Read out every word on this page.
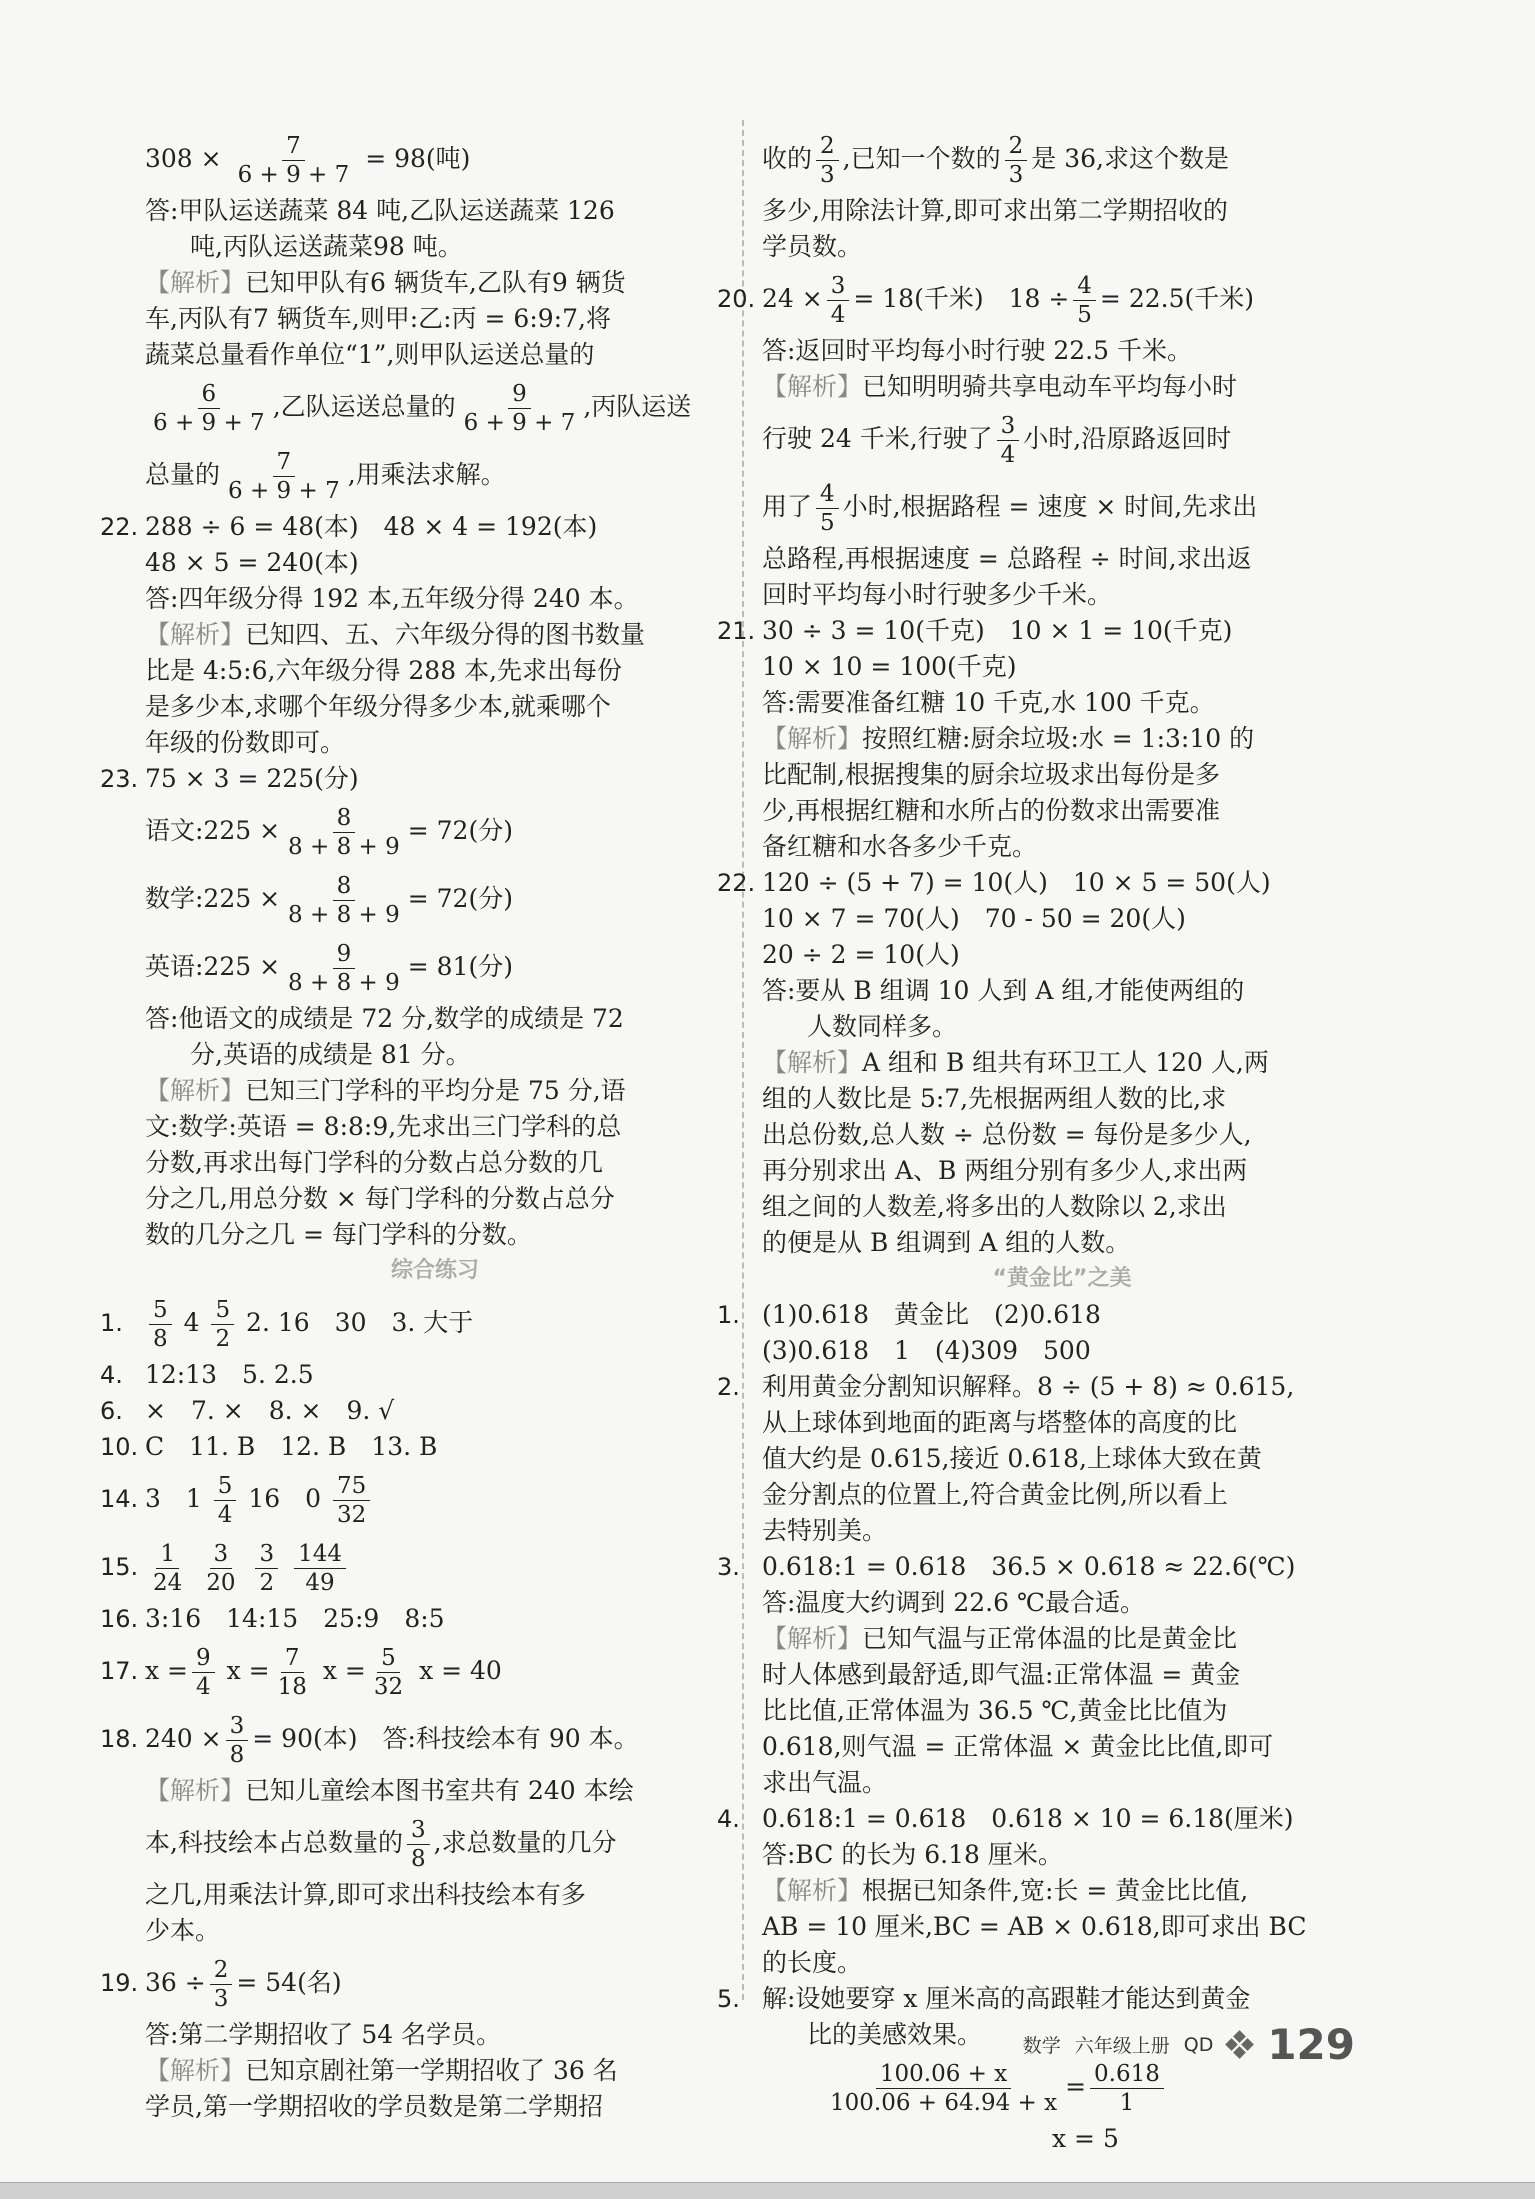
$308 \times \frac{7}{6 + 9 + 7} = 98$(吨)
答:甲队运送蔬菜 84 吨,乙队运送蔬菜 126
吨,丙队运送蔬菜98 吨。
【解析】已知甲队有6 辆货车,乙队有9 辆货
车,丙队有7 辆货车,则甲:乙:丙 = 6:9:7,将
蔬菜总量看作单位“1”,则甲队运送总量的
$\frac{6}{6 + 9 + 7}$ ,乙队运送总量的 $\frac{9}{6 + 9 + 7}$ ,丙队运送
总量的 $\frac{7}{6 + 9 + 7}$ ,用乘法求解。
22. 288 ÷ 6 = 48(本)　48 × 4 = 192(本)
48 × 5 = 240(本)
答:四年级分得 192 本,五年级分得 240 本。
【解析】已知四、五、六年级分得的图书数量
比是 4:5:6,六年级分得 288 本,先求出每份
是多少本,求哪个年级分得多少本,就乘哪个
年级的份数即可。
23. 75 × 3 = 225(分)
语文:225 × $\frac{8}{8 + 8 + 9} = 72$(分)
数学:225 × $\frac{8}{8 + 8 + 9} = 72$(分)
英语:225 × $\frac{9}{8 + 8 + 9} = 81$(分)
答:他语文的成绩是 72 分,数学的成绩是 72
分,英语的成绩是 81 分。
【解析】已知三门学科的平均分是 75 分,语
文:数学:英语 = 8:8:9,先求出三门学科的总
分数,再求出每门学科的分数占总分数的几
分之几,用总分数 × 每门学科的分数占总分
数的几分之几 = 每门学科的分数。
综合练习
1. $\frac{5}{8} 4 \frac{5}{2} 2$. 16　30　3. 大于
4. 12:13　5. 2.5
6. ×　7. ×　8. ×　9. √
10. C　11. B　12. B　13. B
14. 3　$1 \frac{5}{4} 16$　$0 \frac{75}{32}$
15. $\frac{1}{24}$
$\frac{3}{20}$
$\frac{3}{2}$
$\frac{144}{49}$
16. 3:16　14:15　25:9　8:5
17. $x = \frac{9}{4}$ $x = \frac{7}{18}$ $x = \frac{5}{32}$ x = 40
18. $240 \times \frac{3}{8} = 90$(本)　答:科技绘本有 90 本。
【解析】已知儿童绘本图书室共有 240 本绘
本,科技绘本占总数量的 $\frac{3}{8}$ ,求总数量的几分
之几,用乘法计算,即可求出科技绘本有多
少本。
19. $36 \div \frac{2}{3} = 54$(名)
答:第二学期招收了 54 名学员。
【解析】已知京剧社第一学期招收了 36 名
学员,第一学期招收的学员数是第二学期招
收的 $\frac{2}{3}$ ,已知一个数的 $\frac{2}{3}$ 是 36,求这个数是
多少,用除法计算,即可求出第二学期招收的
学员数。
20. $24 \times \frac{3}{4} = 18$(千米)　$18 \div \frac{4}{5} = 22.5$(千米)
答:返回时平均每小时行驶 22.5 千米。
【解析】已知明明骑共享电动车平均每小时
行驶 24 千米,行驶了 $\frac{3}{4}$ 小时,沿原路返回时
用了 $\frac{4}{5}$ 小时,根据路程 = 速度 × 时间,先求出
总路程,再根据速度 = 总路程 ÷ 时间,求出返
回时平均每小时行驶多少千米。
21. 30 ÷ 3 = 10(千克)　10 × 1 = 10(千克)
10 × 10 = 100(千克)
答:需要准备红糖 10 千克,水 100 千克。
【解析】按照红糖:厨余垃圾:水 = 1:3:10 的
比配制,根据搜集的厨余垃圾求出每份是多
少,再根据红糖和水所占的份数求出需要准
备红糖和水各多少千克。
22. 120 ÷ (5 + 7) = 10(人)　10 × 5 = 50(人)
10 × 7 = 70(人)　70 - 50 = 20(人)
20 ÷ 2 = 10(人)
答:要从 B 组调 10 人到 A 组,才能使两组的
人数同样多。
【解析】A 组和 B 组共有环卫工人 120 人,两
组的人数比是 5:7,先根据两组人数的比,求
出总份数,总人数 ÷ 总份数 = 每份是多少人,
再分别求出 A、B 两组分别有多少人,求出两
组之间的人数差,将多出的人数除以 2,求出
的便是从 B 组调到 A 组的人数。
“黄金比”之美
1. (1)0.618　黄金比　(2)0.618
(3)0.618　1　(4)309　500
2. 利用黄金分割知识解释。8 ÷ (5 + 8) ≈ 0.615,
从上球体到地面的距离与塔整体的高度的比
值大约是 0.615,接近 0.618,上球体大致在黄
金分割点的位置上,符合黄金比例,所以看上
去特别美。
3. 0.618:1 = 0.618　36.5 × 0.618 ≈ 22.6(℃)
答:温度大约调到 22.6 ℃最合适。
【解析】已知气温与正常体温的比是黄金比
时人体感到最舒适,即气温:正常体温 = 黄金
比比值,正常体温为 36.5 ℃,黄金比比值为
0.618,则气温 = 正常体温 × 黄金比比值,即可
求出气温。
4. 0.618:1 = 0.618　0.618 × 10 = 6.18(厘米)
答:BC 的长为 6.18 厘米。
【解析】根据已知条件,宽:长 = 黄金比比值,
AB = 10 厘米,BC = AB × 0.618,即可求出 BC
的长度。
5. 解:设她要穿 x 厘米高的高跟鞋才能达到黄金
比的美感效果。
$\frac{100.06 + x}{100.06 + 64.94 + x} = \frac{0.618}{1}$
x = 5
数学 六年级上册 QD 129
